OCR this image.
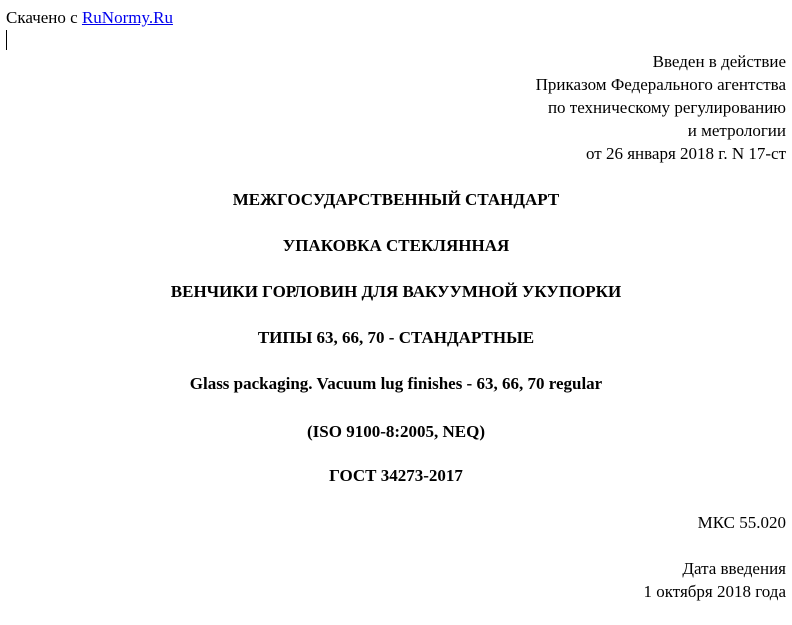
Скачено с RuNormy.Ru
Введен в действие
Приказом Федерального агентства
по техническому регулированию
и метрологии
от 26 января 2018 г. N 17-ст
МЕЖГОСУДАРСТВЕННЫЙ СТАНДАРТ
УПАКОВКА СТЕКЛЯННАЯ
ВЕНЧИКИ ГОРЛОВИН ДЛЯ ВАКУУМНОЙ УКУПОРКИ
ТИПЫ 63, 66, 70 - СТАНДАРТНЫЕ
Glass packaging. Vacuum lug finishes - 63, 66, 70 regular
(ISO 9100-8:2005, NEQ)
ГОСТ 34273-2017
МКС 55.020
Дата введения
1 октября 2018 года
